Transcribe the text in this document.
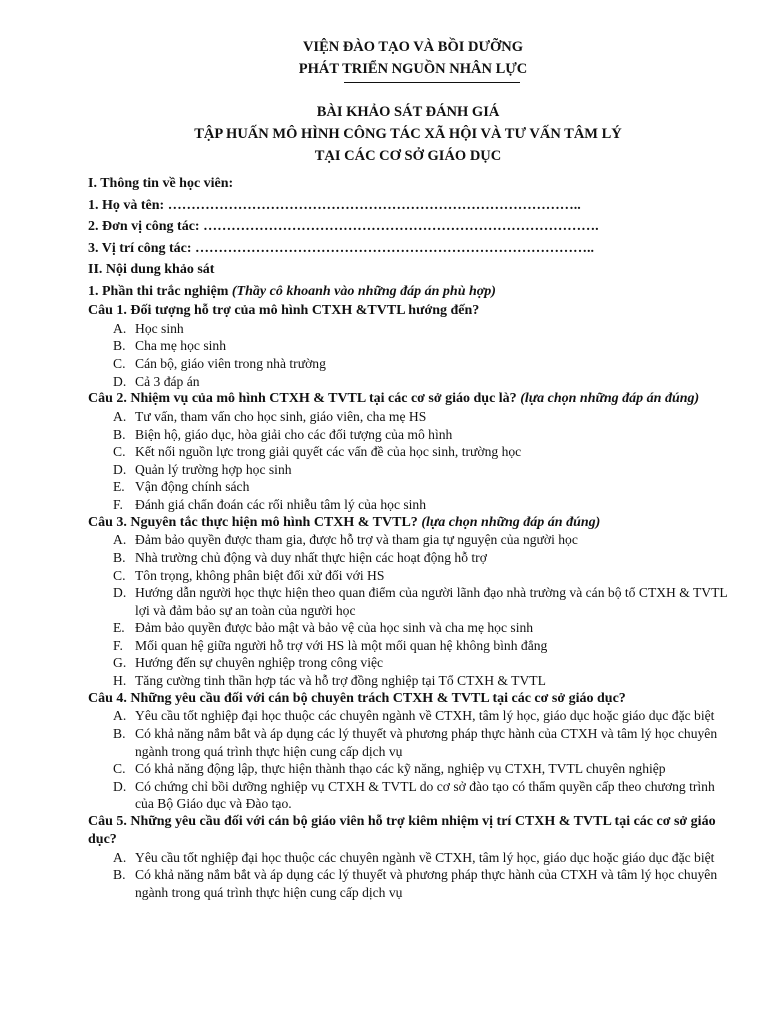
VIỆN ĐÀO TẠO VÀ BỒI DƯỠNG
PHÁT TRIỂN NGUỒN NHÂN LỰC
BÀI KHẢO SÁT ĐÁNH GIÁ
TẬP HUẤN MÔ HÌNH CÔNG TÁC XÃ HỘI VÀ TƯ VẤN TÂM LÝ
TẠI CÁC CƠ SỞ GIÁO DỤC
I. Thông tin về học viên:
1. Họ và tên: ……………………………………………………………………………..
2. Đơn vị công tác: ………………………………………………………………………….
3. Vị trí công tác: …………………………………………………………………………..
II. Nội dung khảo sát
1. Phần thi trắc nghiệm (Thầy cô khoanh vào những đáp án phù hợp)
Câu 1. Đối tượng hỗ trợ của mô hình CTXH &TVTL hướng đến?
A. Học sinh
B. Cha mẹ học sinh
C. Cán bộ, giáo viên trong nhà trường
D. Cả 3 đáp án
Câu 2. Nhiệm vụ của mô hình CTXH & TVTL tại các cơ sở giáo dục là? (lựa chọn những đáp án đúng)
A. Tư vấn, tham vấn cho học sinh, giáo viên, cha mẹ HS
B. Biện hộ, giáo dục, hòa giải cho các đối tượng của mô hình
C. Kết nối nguồn lực trong giải quyết các vấn đề của học sinh, trường học
D. Quản lý trường hợp học sinh
E. Vận động chính sách
F. Đánh giá chẩn đoán các rối nhiễu tâm lý của học sinh
Câu 3. Nguyên tắc thực hiện mô hình CTXH & TVTL? (lựa chọn những đáp án đúng)
A. Đảm bảo quyền được tham gia, được hỗ trợ và tham gia tự nguyện của người học
B. Nhà trường chủ động và duy nhất thực hiện các hoạt động hỗ trợ
C. Tôn trọng, không phân biệt đối xử đối với HS
D. Hướng dẫn người học thực hiện theo quan điểm của người lãnh đạo nhà trường và cán bộ tổ CTXH & TVTL lợi và đảm bảo sự an toàn của người học
E. Đảm bảo quyền được bảo mật và bảo vệ của học sinh và cha mẹ học sinh
F. Mối quan hệ giữa người hỗ trợ với HS là một mối quan hệ không bình đẳng
G. Hướng đến sự chuyên nghiệp trong công việc
H. Tăng cường tinh thần hợp tác và hỗ trợ đồng nghiệp tại Tổ CTXH & TVTL
Câu 4. Những yêu cầu đối với cán bộ chuyên trách CTXH & TVTL tại các cơ sở giáo dục?
A. Yêu cầu tốt nghiệp đại học thuộc các chuyên ngành về CTXH, tâm lý học, giáo dục hoặc giáo dục đặc biệt
B. Có khả năng nắm bắt và áp dụng các lý thuyết và phương pháp thực hành của CTXH và tâm lý học chuyên ngành trong quá trình thực hiện cung cấp dịch vụ
C. Có khả năng động lập, thực hiện thành thạo các kỹ năng, nghiệp vụ CTXH, TVTL chuyên nghiệp
D. Có chứng chỉ bồi dưỡng nghiệp vụ CTXH & TVTL do cơ sở đào tạo có thẩm quyền cấp theo chương trình của Bộ Giáo dục và Đào tạo.
Câu 5. Những yêu cầu đối với cán bộ giáo viên hỗ trợ kiêm nhiệm vị trí CTXH & TVTL tại các cơ sở giáo dục?
A. Yêu cầu tốt nghiệp đại học thuộc các chuyên ngành về CTXH, tâm lý học, giáo dục hoặc giáo dục đặc biệt
B. Có khả năng nắm bắt và áp dụng các lý thuyết và phương pháp thực hành của CTXH và tâm lý học chuyên ngành trong quá trình thực hiện cung cấp dịch vụ
